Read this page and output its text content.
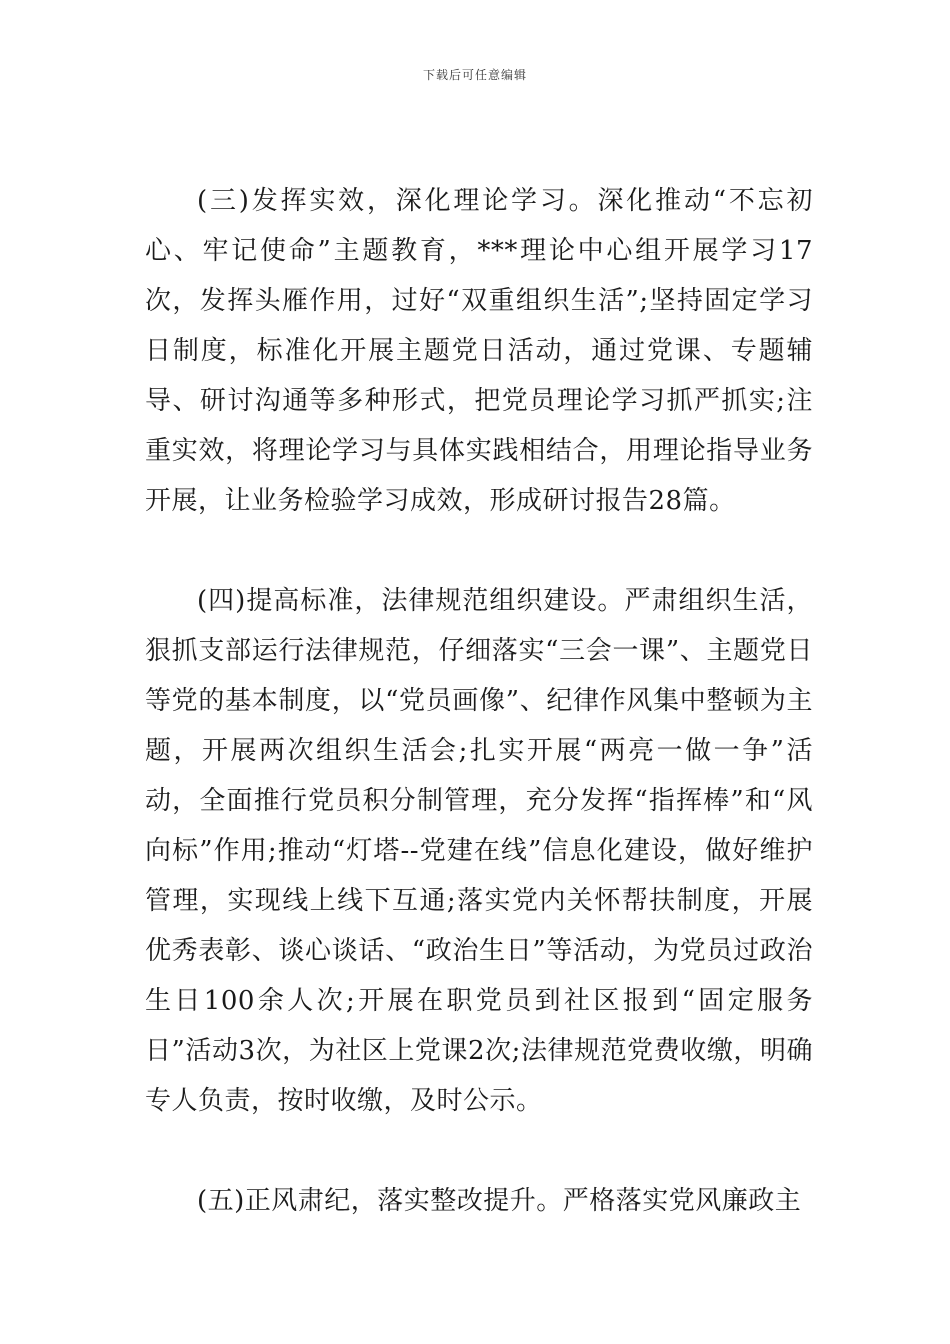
下载后可任意编辑

(三)发挥实效，深化理论学习。深化推动“不忘初心、牢记使命”主题教育，***理论中心组开展学习17次，发挥头雁作用，过好“双重组织生活”;坚持固定学习日制度，标准化开展主题党日活动，通过党课、专题辅导、研讨沟通等多种形式，把党员理论学习抓严抓实;注重实效，将理论学习与具体实践相结合，用理论指导业务开展，让业务检验学习成效，形成研讨报告28篇。

(四)提高标准，法律规范组织建设。严肃组织生活，狠抓支部运行法律规范，仔细落实“三会一课”、主题党日等党的基本制度，以“党员画像”、纪律作风集中整顿为主题，开展两次组织生活会;扎实开展“两亮一做一争”活动，全面推行党员积分制管理，充分发挥“指挥棒”和“风向标”作用;推动“灯塔--党建在线”信息化建设，做好维护管理，实现线上线下互通;落实党内关怀帮扶制度，开展优秀表彰、谈心谈话、“政治生日”等活动，为党员过政治生日100余人次;开展在职党员到社区报到“固定服务日”活动3次，为社区上党课2次;法律规范党费收缴，明确专人负责，按时收缴，及时公示。

(五)正风肃纪，落实整改提升。严格落实党风廉政主
